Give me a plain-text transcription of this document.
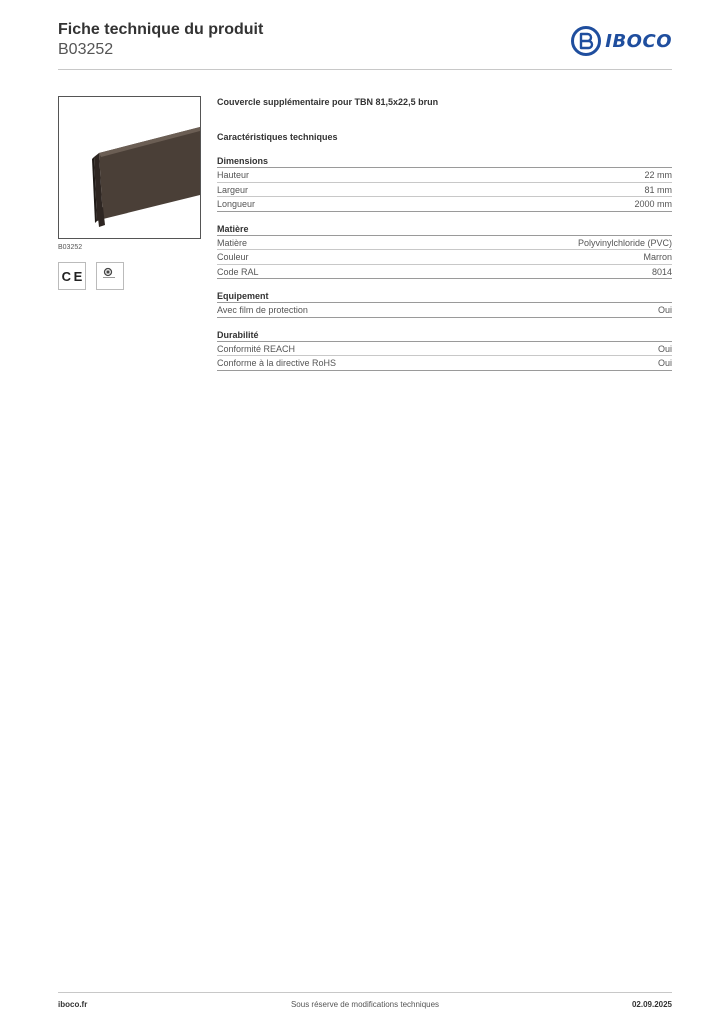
Fiche technique du produit
B03252	IBOCO
B03252
C E
Couvercle supplémentaire pour TBN 81,5x22,5 brun
Caractéristiques techniques
Dimensions
Hauteur	22 mm
Largeur	81 mm
Longueur	2000 mm
Matière
Matière	Polyvinylchloride (PVC)
Couleur	Marron
Code RAL	8014
Equipement
Avec film de protection	Oui
Durabilité
Conformité REACH	Oui
Conforme à la directive RoHS	Oui
iboco.fr	Sous réserve de modifications techniques	02.09.2025
